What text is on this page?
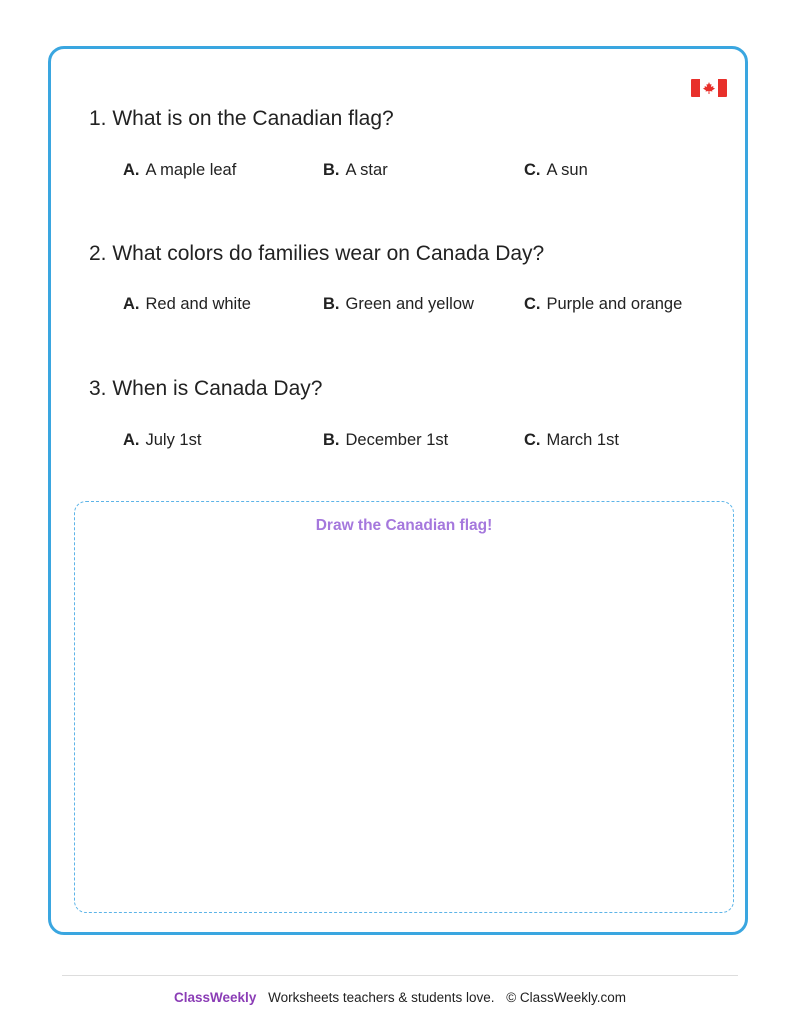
1. What is on the Canadian flag?
A. A maple leaf	B. A star	C. A sun
2. What colors do families wear on Canada Day?
A. Red and white	B. Green and yellow	C. Purple and orange
3. When is Canada Day?
A. July 1st	B. December 1st	C. March 1st
Draw the Canadian flag!
ClassWeekly Worksheets teachers & students love. © ClassWeekly.com
